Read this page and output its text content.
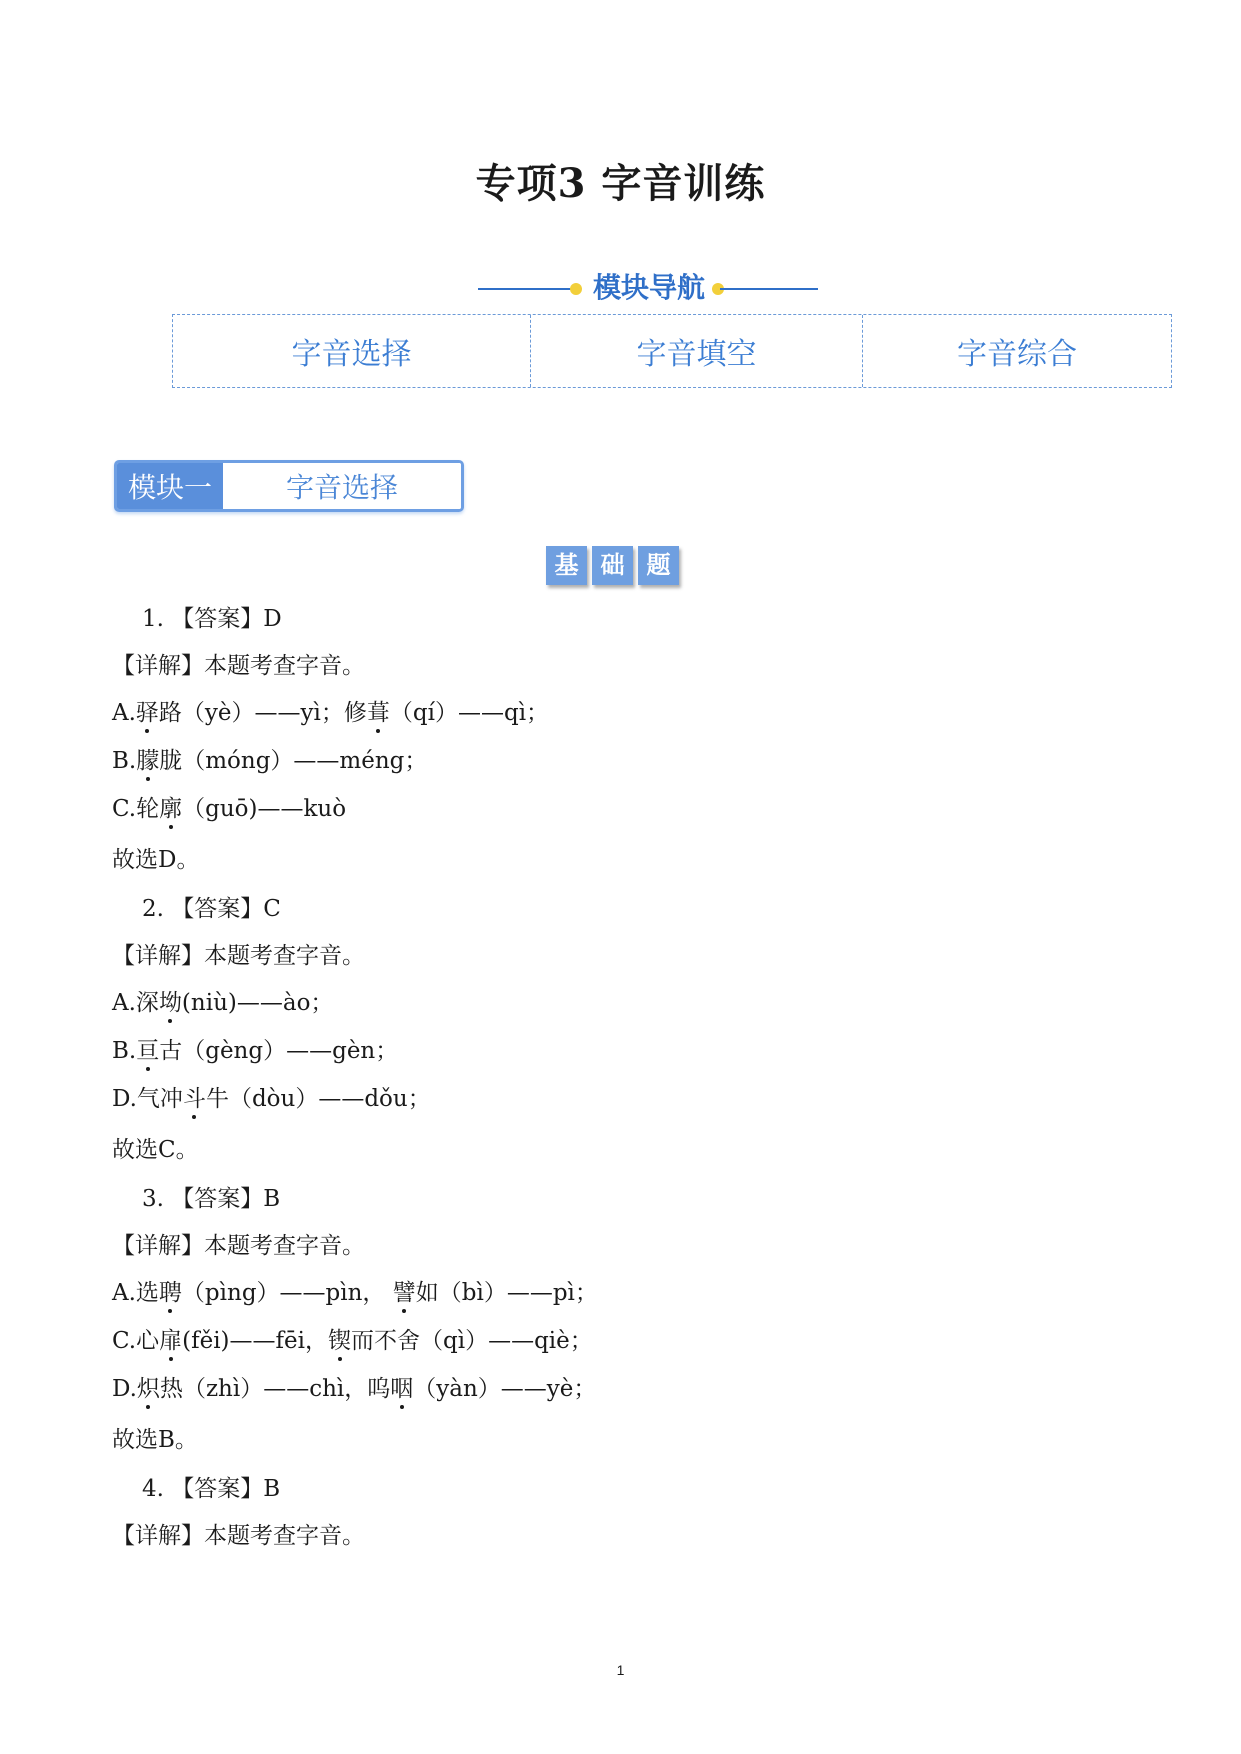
专项3 字音训练
模块导航
字音选择	字音填空	字音综合
模块一	字音选择
基 础 题
1. 【答案】D
【详解】本题考查字音。
A.驿路（yè）——yì；修葺（qí）——qì；
B.朦胧（móng）——méng；
C.轮廓（guō)——kuò
故选D。
2. 【答案】C
【详解】本题考查字音。
A.深坳(niù)——ào；
B.亘古（gèng）——gèn；
D.气冲斗牛（dòu）——dǒu；
故选C。
3. 【答案】B
【详解】本题考查字音。
A.选聘（pìng）——pìn， 譬如（bì）——pì；
C.心扉(fěi)——fēi，锲而不舍（qì）——qiè；
D.炽热（zhì）——chì，呜咽（yàn）——yè；
故选B。
4. 【答案】B
【详解】本题考查字音。
1
